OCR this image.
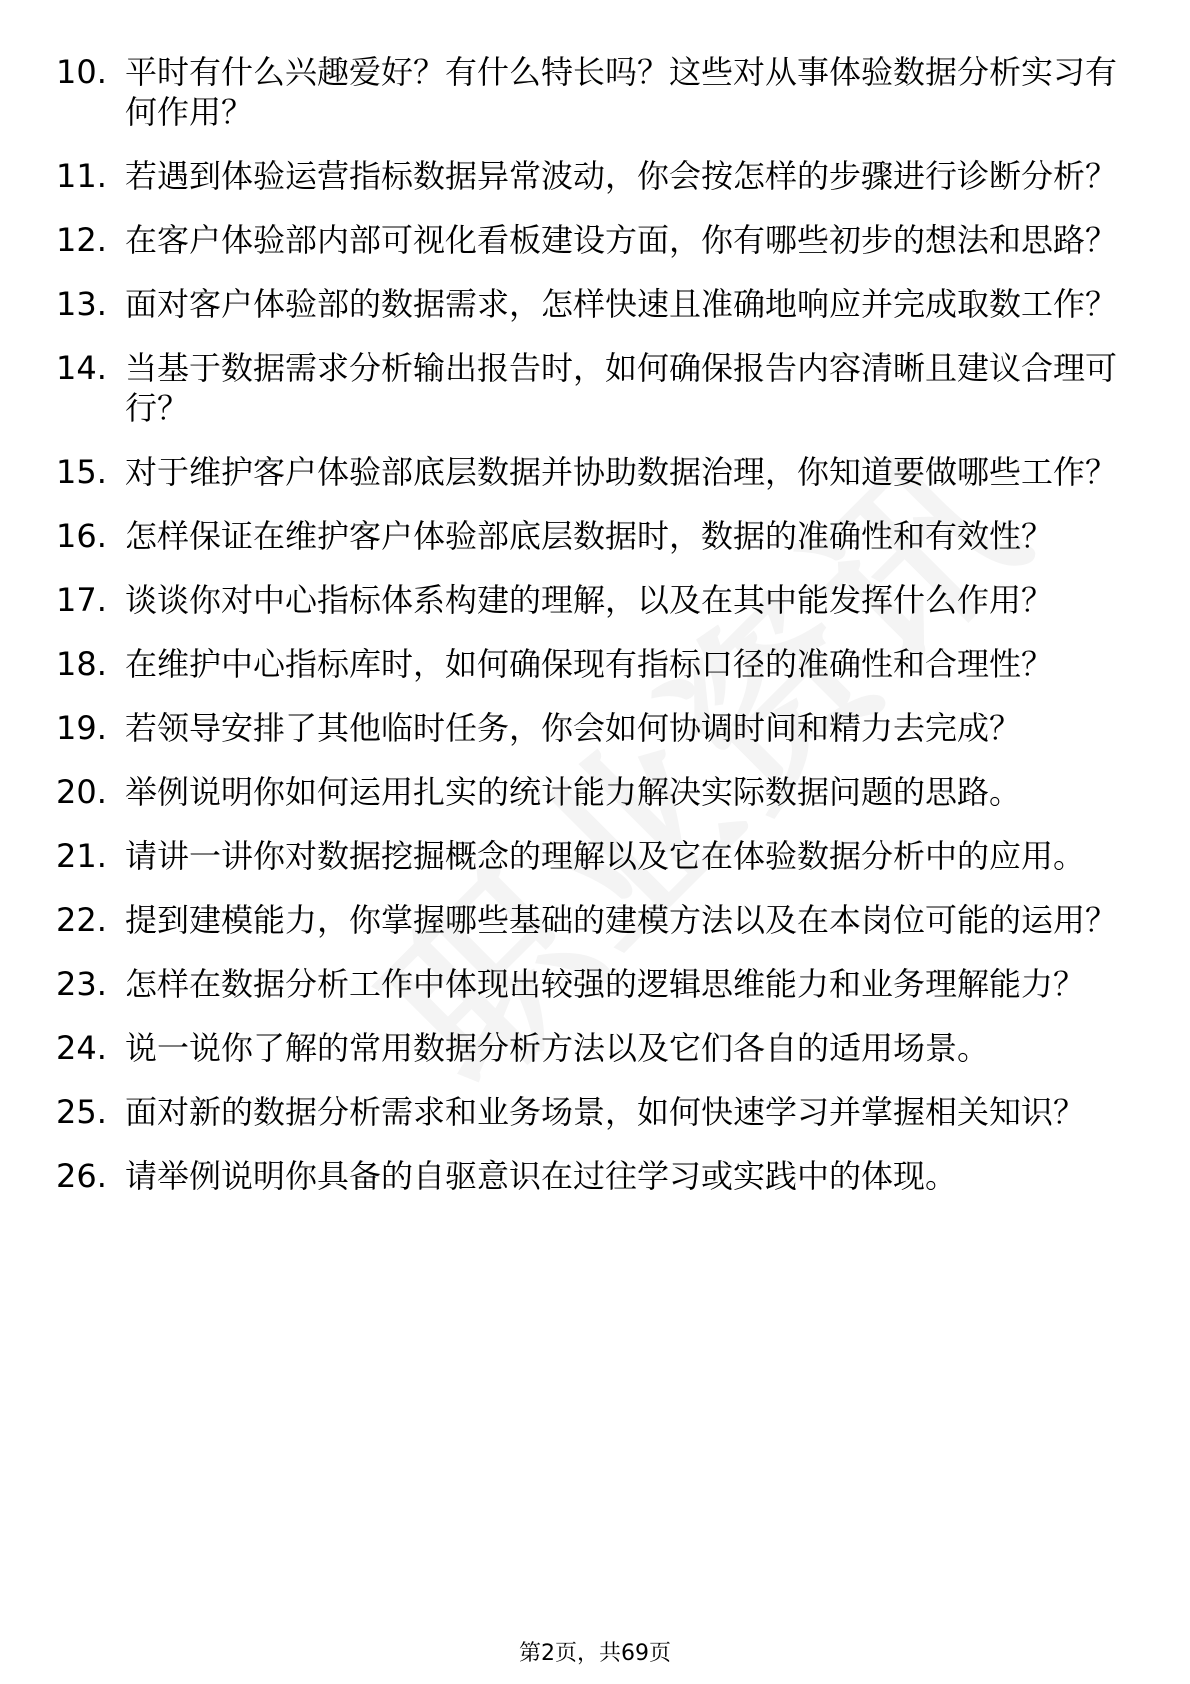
10. 平时有什么兴趣爱好？有什么特长吗？这些对从事体验数据分析实习有何作用？
11. 若遇到体验运营指标数据异常波动，你会按怎样的步骤进行诊断分析？
12. 在客户体验部内部可视化看板建设方面，你有哪些初步的想法和思路？
13. 面对客户体验部的数据需求，怎样快速且准确地响应并完成取数工作？
14. 当基于数据需求分析输出报告时，如何确保报告内容清晰且建议合理可行？
15. 对于维护客户体验部底层数据并协助数据治理，你知道要做哪些工作？
16. 怎样保证在维护客户体验部底层数据时，数据的准确性和有效性？
17. 谈谈你对中心指标体系构建的理解，以及在其中能发挥什么作用？
18. 在维护中心指标库时，如何确保现有指标口径的准确性和合理性？
19. 若领导安排了其他临时任务，你会如何协调时间和精力去完成？
20. 举例说明你如何运用扎实的统计能力解决实际数据问题的思路。
21. 请讲一讲你对数据挖掘概念的理解以及它在体验数据分析中的应用。
22. 提到建模能力，你掌握哪些基础的建模方法以及在本岗位可能的运用？
23. 怎样在数据分析工作中体现出较强的逻辑思维能力和业务理解能力？
24. 说一说你了解的常用数据分析方法以及它们各自的适用场景。
25. 面对新的数据分析需求和业务场景，如何快速学习并掌握相关知识？
26. 请举例说明你具备的自驱意识在过往学习或实践中的体现。
第2页，共69页
